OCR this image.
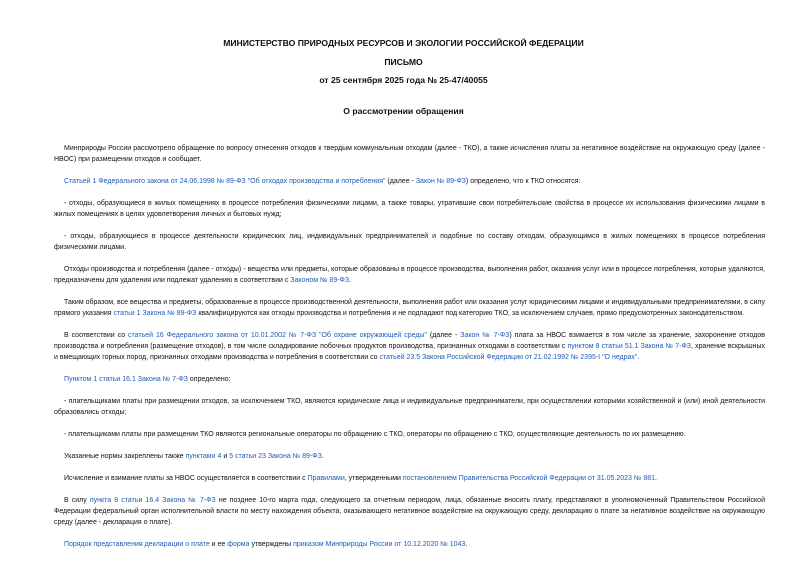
МИНИСТЕРСТВО ПРИРОДНЫХ РЕСУРСОВ И ЭКОЛОГИИ РОССИЙСКОЙ ФЕДЕРАЦИИ
ПИСЬМО
от 25 сентября 2025 года № 25-47/40055
О рассмотрении обращения

Минприроды России рассмотрело обращение по вопросу отнесения отходов к твердым коммунальным отходам (далее - ТКО), а также исчисления платы за негативное воздействие на окружающую среду (далее - НВОС) при размещении отходов и сообщает.

Статьей 1 Федерального закона от 24.06.1998 № 89-ФЗ "Об отходах производства и потребления" (далее - Закон № 89-ФЗ) определено, что к ТКО относятся:

- отходы, образующиеся в жилых помещениях в процессе потребления физическими лицами, а также товары, утратившие свои потребительские свойства в процессе их использования физическими лицами в жилых помещениях в целях удовлетворения личных и бытовых нужд;

- отходы, образующиеся в процессе деятельности юридических лиц, индивидуальных предпринимателей и подобные по составу отходам, образующимся в жилых помещениях в процессе потребления физическими лицами.

Отходы производства и потребления (далее - отходы) - вещества или предметы, которые образованы в процессе производства, выполнения работ, оказания услуг или в процессе потребления, которые удаляются, предназначены для удаления или подлежат удалению в соответствии с Законом № 89-ФЗ.

Таким образом, все вещества и предметы, образованные в процессе производственной деятельности, выполнения работ или оказания услуг юридическими лицами и индивидуальными предпринимателями, в силу прямого указания статьи 1 Закона № 89-ФЗ квалифицируются как отходы производства и потребления и не подпадают под категорию ТКО, за исключением случаев, прямо предусмотренных законодательством.

В соответствии со статьей 16 Федерального закона от 10.01.2002 № 7-ФЗ "Об охране окружающей среды" (далее - Закон № 7-ФЗ) плата за НВОС взимается в том числе за хранение, захоронение отходов производства и потребления (размещение отходов), в том числе складирование побочных продуктов производства, признанных отходами в соответствии с пунктом 8 статьи 51.1 Закона № 7-ФЗ, хранение вскрышных и вмещающих горных пород, признанных отходами производства и потребления в соответствии со статьей 23.5 Закона Российской Федерации от 21.02.1992 № 2395-I "О недрах".

Пунктом 1 статьи 16.1 Закона № 7-ФЗ определено:

- плательщиками платы при размещении отходов, за исключением ТКО, являются юридические лица и индивидуальные предприниматели, при осуществлении которыми хозяйственной и (или) иной деятельности образовались отходы;

- плательщиками платы при размещении ТКО являются региональные операторы по обращению с ТКО, операторы по обращению с ТКО, осуществляющие деятельность по их размещению.

Указанные нормы закреплены также пунктами 4 и 5 статьи 23 Закона № 89-ФЗ.

Исчисление и взимание платы за НВОС осуществляется в соответствии с Правилами, утвержденными постановлением Правительства Российской Федерации от 31.05.2023 № 881.

В силу пункта 8 статьи 16.4 Закона № 7-ФЗ не позднее 10-го марта года, следующего за отчетным периодом, лица, обязанные вносить плату, представляют в уполномоченный Правительством Российской Федерации федеральный орган исполнительной власти по месту нахождения объекта, оказывающего негативное воздействие на окружающую среду, декларацию о плате за негативное воздействие на окружающую среду (далее - декларация о плате).

Порядок представления декларации о плате и ее форма утверждены приказом Минприроды России от 10.12.2020 № 1043.
